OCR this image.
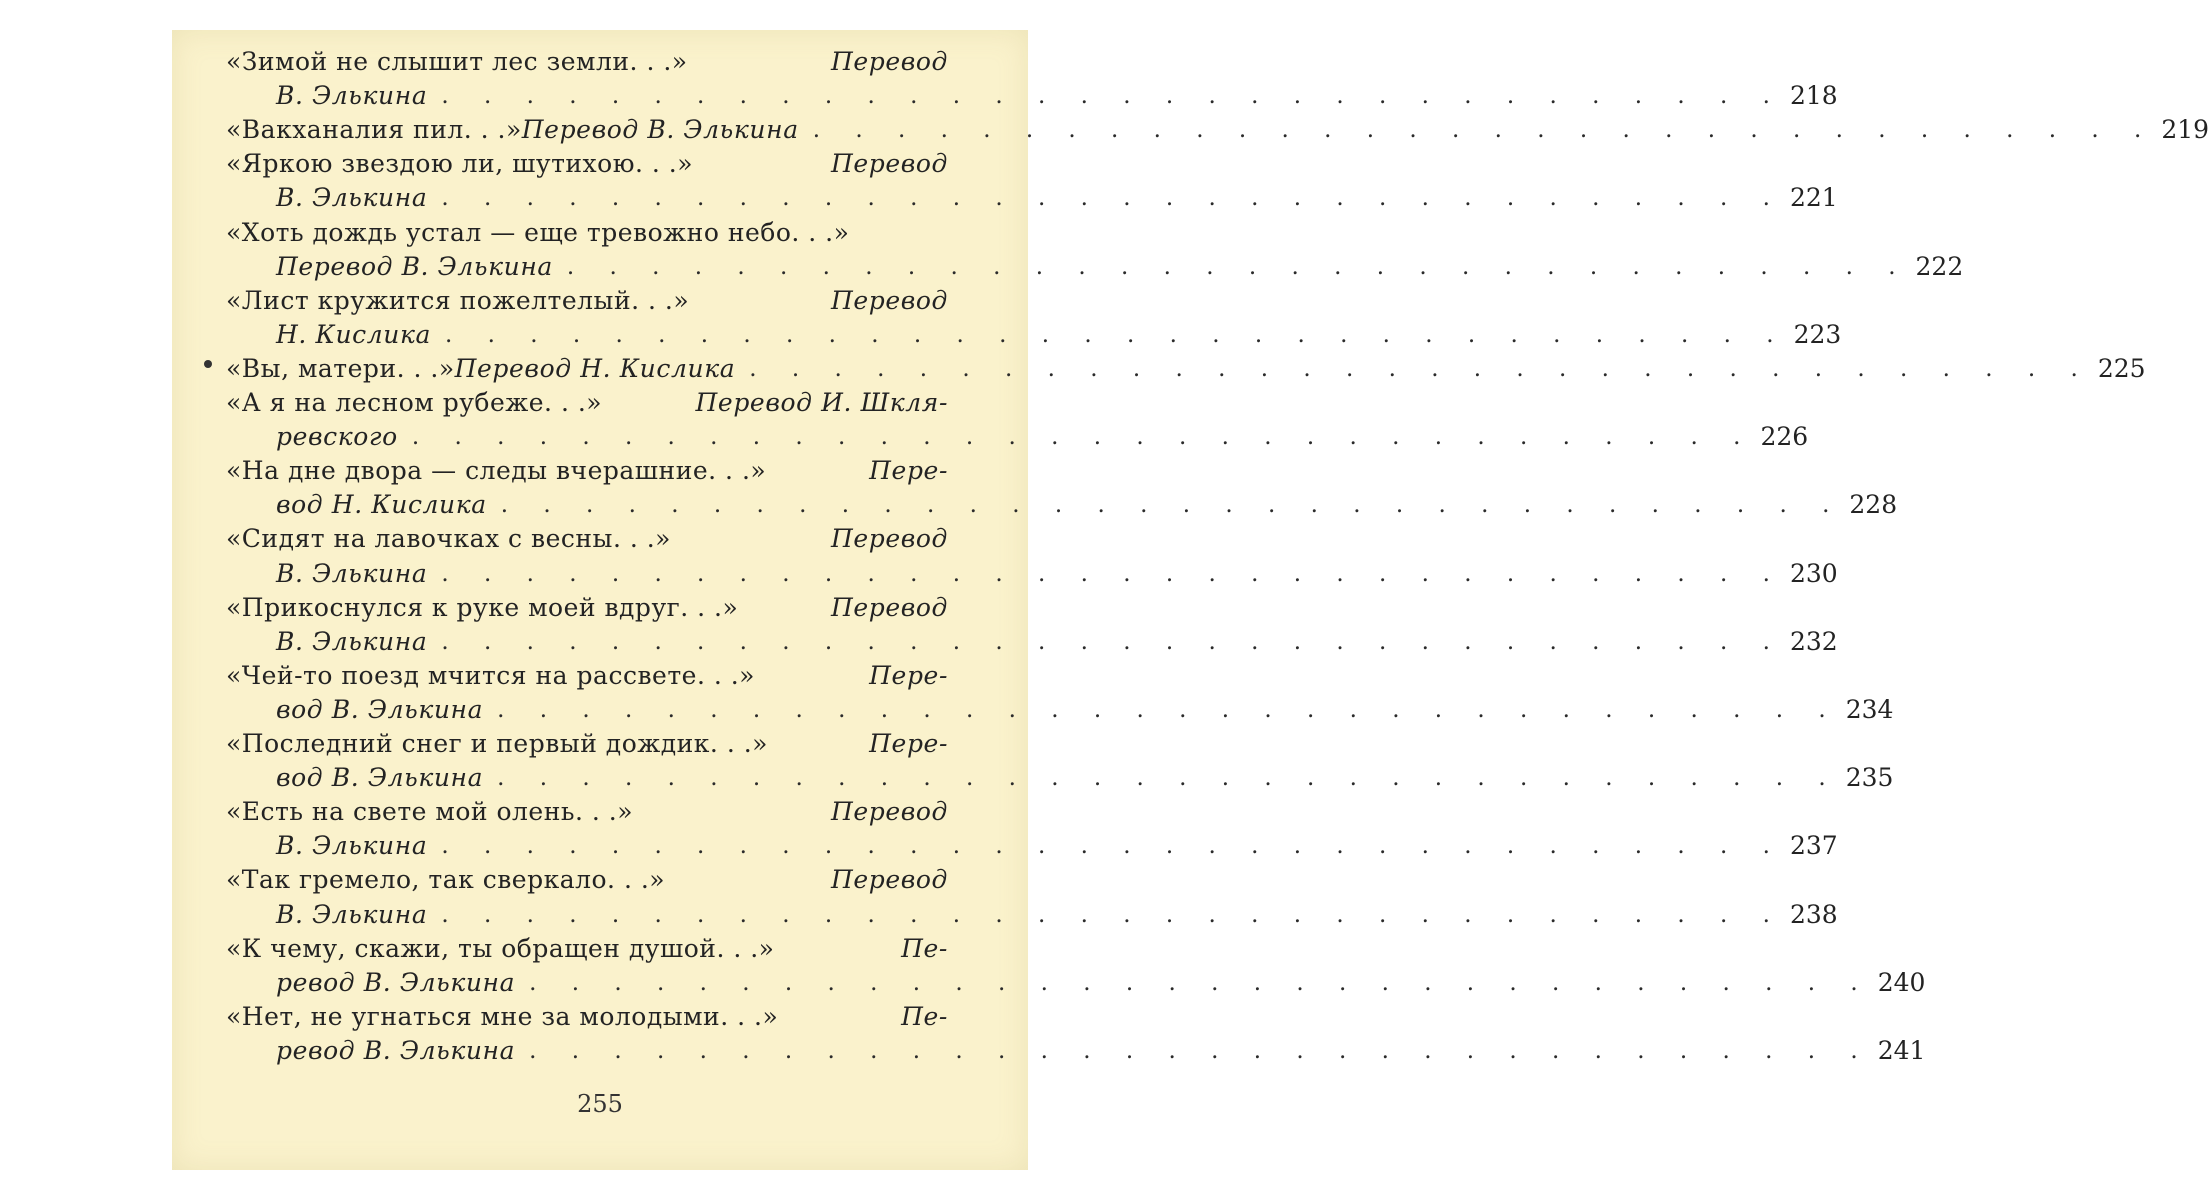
«Зимой не слышит лес земли. . .»	Перевод
В. Элькина . . . . . . . . . . . . . . . . . . . . . . . . . . . . . . . . 218
«Вакханалия пил. . .» Перевод В. Элькина . . . . . . . . . . . . . . . . . . . . . . . . . . . . . . . . 219
«Яркою звездою ли, шутихою. . .»	Перевод
В. Элькина . . . . . . . . . . . . . . . . . . . . . . . . . . . . . . . . 221
«Хоть дождь устал — еще тревожно небо. . .»
Перевод В. Элькина . . . . . . . . . . . . . . . . . . . . . . . . . . . . . . . . 222
«Лист кружится пожелтелый. . .»	Перевод
Н. Кислика . . . . . . . . . . . . . . . . . . . . . . . . . . . . . . . . 223
«Вы, матери. . .» Перевод Н. Кислика . . . . . . . . . . . . . . . . . . . . . . . . . . . . . . . . 225
«А я на лесном рубеже. . .»	Перевод И. Шкля-
ревского . . . . . . . . . . . . . . . . . . . . . . . . . . . . . . . . 226
«На дне двора — следы вчерашние. . .»	Пере-
вод Н. Кислика . . . . . . . . . . . . . . . . . . . . . . . . . . . . . . . . 228
«Сидят на лавочках с весны. . .»	Перевод
В. Элькина . . . . . . . . . . . . . . . . . . . . . . . . . . . . . . . . 230
«Прикоснулся к руке моей вдруг. . .»	Перевод
В. Элькина . . . . . . . . . . . . . . . . . . . . . . . . . . . . . . . . 232
«Чей-то поезд мчится на рассвете. . .»	Пере-
вод В. Элькина . . . . . . . . . . . . . . . . . . . . . . . . . . . . . . . . 234
«Последний снег и первый дождик. . .»	Пере-
вод В. Элькина . . . . . . . . . . . . . . . . . . . . . . . . . . . . . . . . 235
«Есть на свете мой олень. . .»	Перевод
В. Элькина . . . . . . . . . . . . . . . . . . . . . . . . . . . . . . . . 237
«Так гремело, так сверкало. . .»	Перевод
В. Элькина . . . . . . . . . . . . . . . . . . . . . . . . . . . . . . . . 238
«К чему, скажи, ты обращен душой. . .»	Пе-
ревод В. Элькина . . . . . . . . . . . . . . . . . . . . . . . . . . . . . . . . 240
«Нет, не угнаться мне за молодыми. . .»	Пе-
ревод В. Элькина . . . . . . . . . . . . . . . . . . . . . . . . . . . . . . . . 241
255
